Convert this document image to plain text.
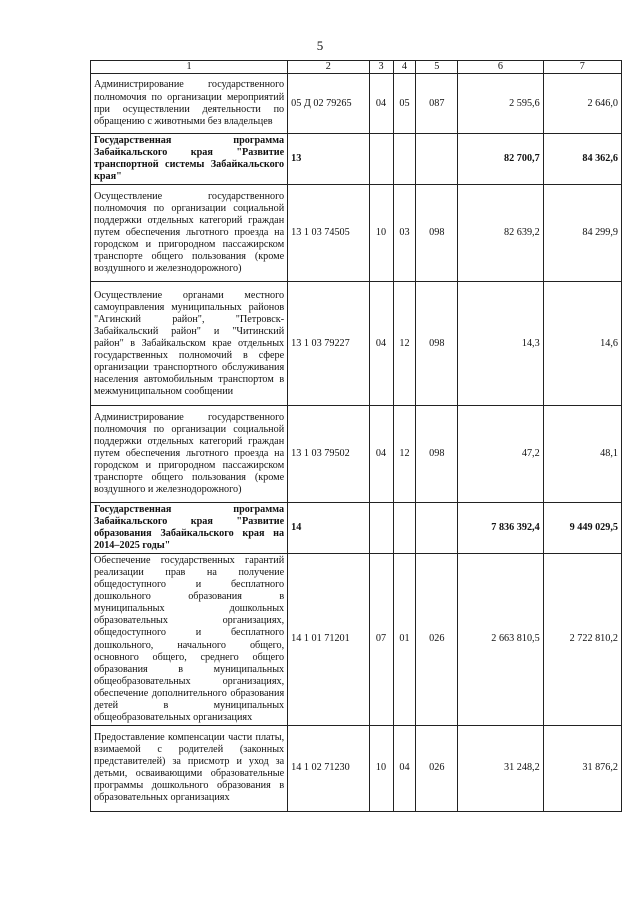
5
1	2	3	4	5	6	7
Администрирование государственного полномочия по организации мероприятий при осуществлении деятельности по обращению с животными без владельцев	05 Д 02 79265	04	05	087	2 595,6	2 646,0
Государственная программа Забайкальского края "Развитие транспортной системы Забайкальского края"	13				82 700,7	84 362,6
Осуществление государственного полномочия по организации социальной поддержки отдельных категорий граждан путем обеспечения льготного проезда на городском и пригородном пассажирском транспорте общего пользования (кроме воздушного и железнодорожного)	13 1 03 74505	10	03	098	82 639,2	84 299,9
Осуществление органами местного самоуправления муниципальных районов "Агинский район", "Петровск-Забайкальский район" и "Читинский район" в Забайкальском крае отдельных государственных полномочий в сфере организации транспортного обслуживания населения автомобильным транспортом в межмуниципальном сообщении	13 1 03 79227	04	12	098	14,3	14,6
Администрирование государственного полномочия по организации социальной поддержки отдельных категорий граждан путем обеспечения льготного проезда на городском и пригородном пассажирском транспорте общего пользования (кроме воздушного и железнодорожного)	13 1 03 79502	04	12	098	47,2	48,1
Государственная программа Забайкальского края "Развитие образования Забайкальского края на 2014–2025 годы"	14				7 836 392,4	9 449 029,5
Обеспечение государственных гарантий реализации прав на получение общедоступного и бесплатного дошкольного образования в муниципальных дошкольных образовательных организациях, общедоступного и бесплатного дошкольного, начального общего, основного общего, среднего общего образования в муниципальных общеобразовательных организациях, обеспечение дополнительного образования детей в муниципальных общеобразовательных организациях	14 1 01 71201	07	01	026	2 663 810,5	2 722 810,2
Предоставление компенсации части платы, взимаемой с родителей (законных представителей) за присмотр и уход за детьми, осваивающими образовательные программы дошкольного образования в образовательных организациях	14 1 02 71230	10	04	026	31 248,2	31 876,2
